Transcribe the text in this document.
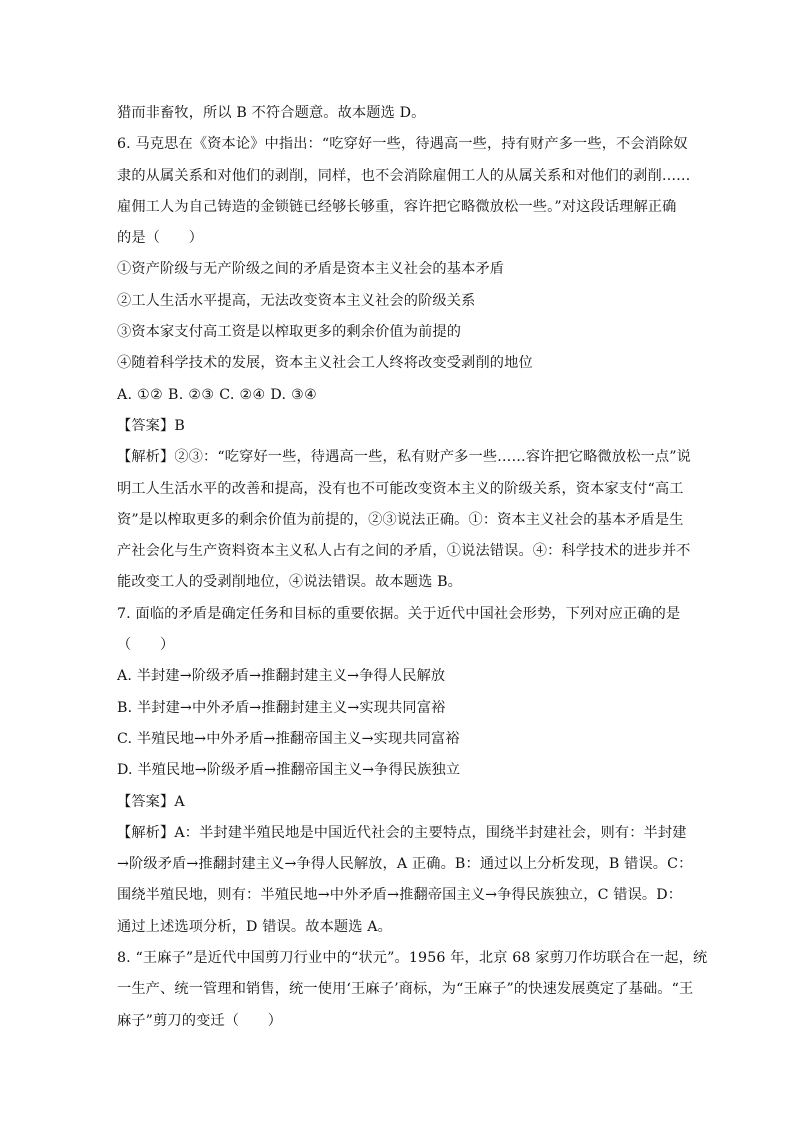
猎而非畜牧，所以 B 不符合题意。故本题选 D。
6. 马克思在《资本论》中指出：“吃穿好一些，待遇高一些，持有财产多一些，不会消除奴
隶的从属关系和对他们的剥削，同样，也不会消除雇佣工人的从属关系和对他们的剥削……
雇佣工人为自己铸造的金锁链已经够长够重，容许把它略微放松一些。”对这段话理解正确
的是（　　）
①资产阶级与无产阶级之间的矛盾是资本主义社会的基本矛盾
②工人生活水平提高，无法改变资本主义社会的阶级关系
③资本家支付高工资是以榨取更多的剩余价值为前提的
④随着科学技术的发展，资本主义社会工人终将改变受剥削的地位
A. ①② B. ②③ C. ②④ D. ③④
【答案】B
【解析】②③：“吃穿好一些，待遇高一些，私有财产多一些……容许把它略微放松一点”说
明工人生活水平的改善和提高，没有也不可能改变资本主义的阶级关系，资本家支付“高工
资”是以榨取更多的剩余价值为前提的，②③说法正确。①：资本主义社会的基本矛盾是生
产社会化与生产资料资本主义私人占有之间的矛盾，①说法错误。④：科学技术的进步并不
能改变工人的受剥削地位，④说法错误。故本题选 B。
7. 面临的矛盾是确定任务和目标的重要依据。关于近代中国社会形势，下列对应正确的是
（　　）
A. 半封建→阶级矛盾→推翻封建主义→争得人民解放
B. 半封建→中外矛盾→推翻封建主义→实现共同富裕
C. 半殖民地→中外矛盾→推翻帝国主义→实现共同富裕
D. 半殖民地→阶级矛盾→推翻帝国主义→争得民族独立
【答案】A
【解析】A：半封建半殖民地是中国近代社会的主要特点，围绕半封建社会，则有：半封建
→阶级矛盾→推翻封建主义→争得人民解放，A 正确。B：通过以上分析发现，B 错误。C：
围绕半殖民地，则有：半殖民地→中外矛盾→推翻帝国主义→争得民族独立，C 错误。D：
通过上述选项分析，D 错误。故本题选 A。
8. “王麻子”是近代中国剪刀行业中的“状元”。1956 年，北京 68 家剪刀作坊联合在一起，统
一生产、统一管理和销售，统一使用‘王麻子’商标，为“王麻子”的快速发展奠定了基础。“王
麻子”剪刀的变迁（　　）
